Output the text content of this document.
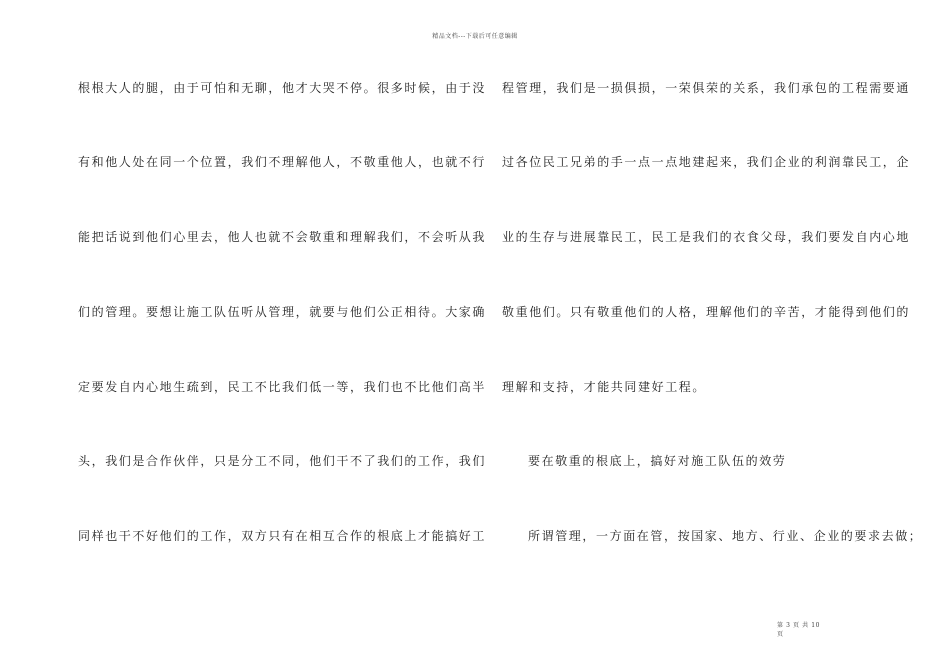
精品文档---下载后可任意编辑
根根大人的腿，由于可怕和无聊，他才大哭不停。很多时候，由于没
有和他人处在同一个位置，我们不理解他人，不敬重他人，也就不行
能把话说到他们心里去，他人也就不会敬重和理解我们，不会听从我
们的管理。要想让施工队伍听从管理，就要与他们公正相待。大家确
定要发自内心地生疏到，民工不比我们低一等，我们也不比他们高半
头，我们是合作伙伴，只是分工不同，他们干不了我们的工作，我们
同样也干不好他们的工作，双方只有在相互合作的根底上才能搞好工
程管理，我们是一损俱损，一荣俱荣的关系，我们承包的工程需要通
过各位民工兄弟的手一点一点地建起来，我们企业的利润靠民工，企
业的生存与进展靠民工，民工是我们的衣食父母，我们要发自内心地
敬重他们。只有敬重他们的人格，理解他们的辛苦，才能得到他们的
理解和支持，才能共同建好工程。
要在敬重的根底上，搞好对施工队伍的效劳
所谓管理，一方面在管，按国家、地方、行业、企业的要求去做；
第 3 页 共 10
页
